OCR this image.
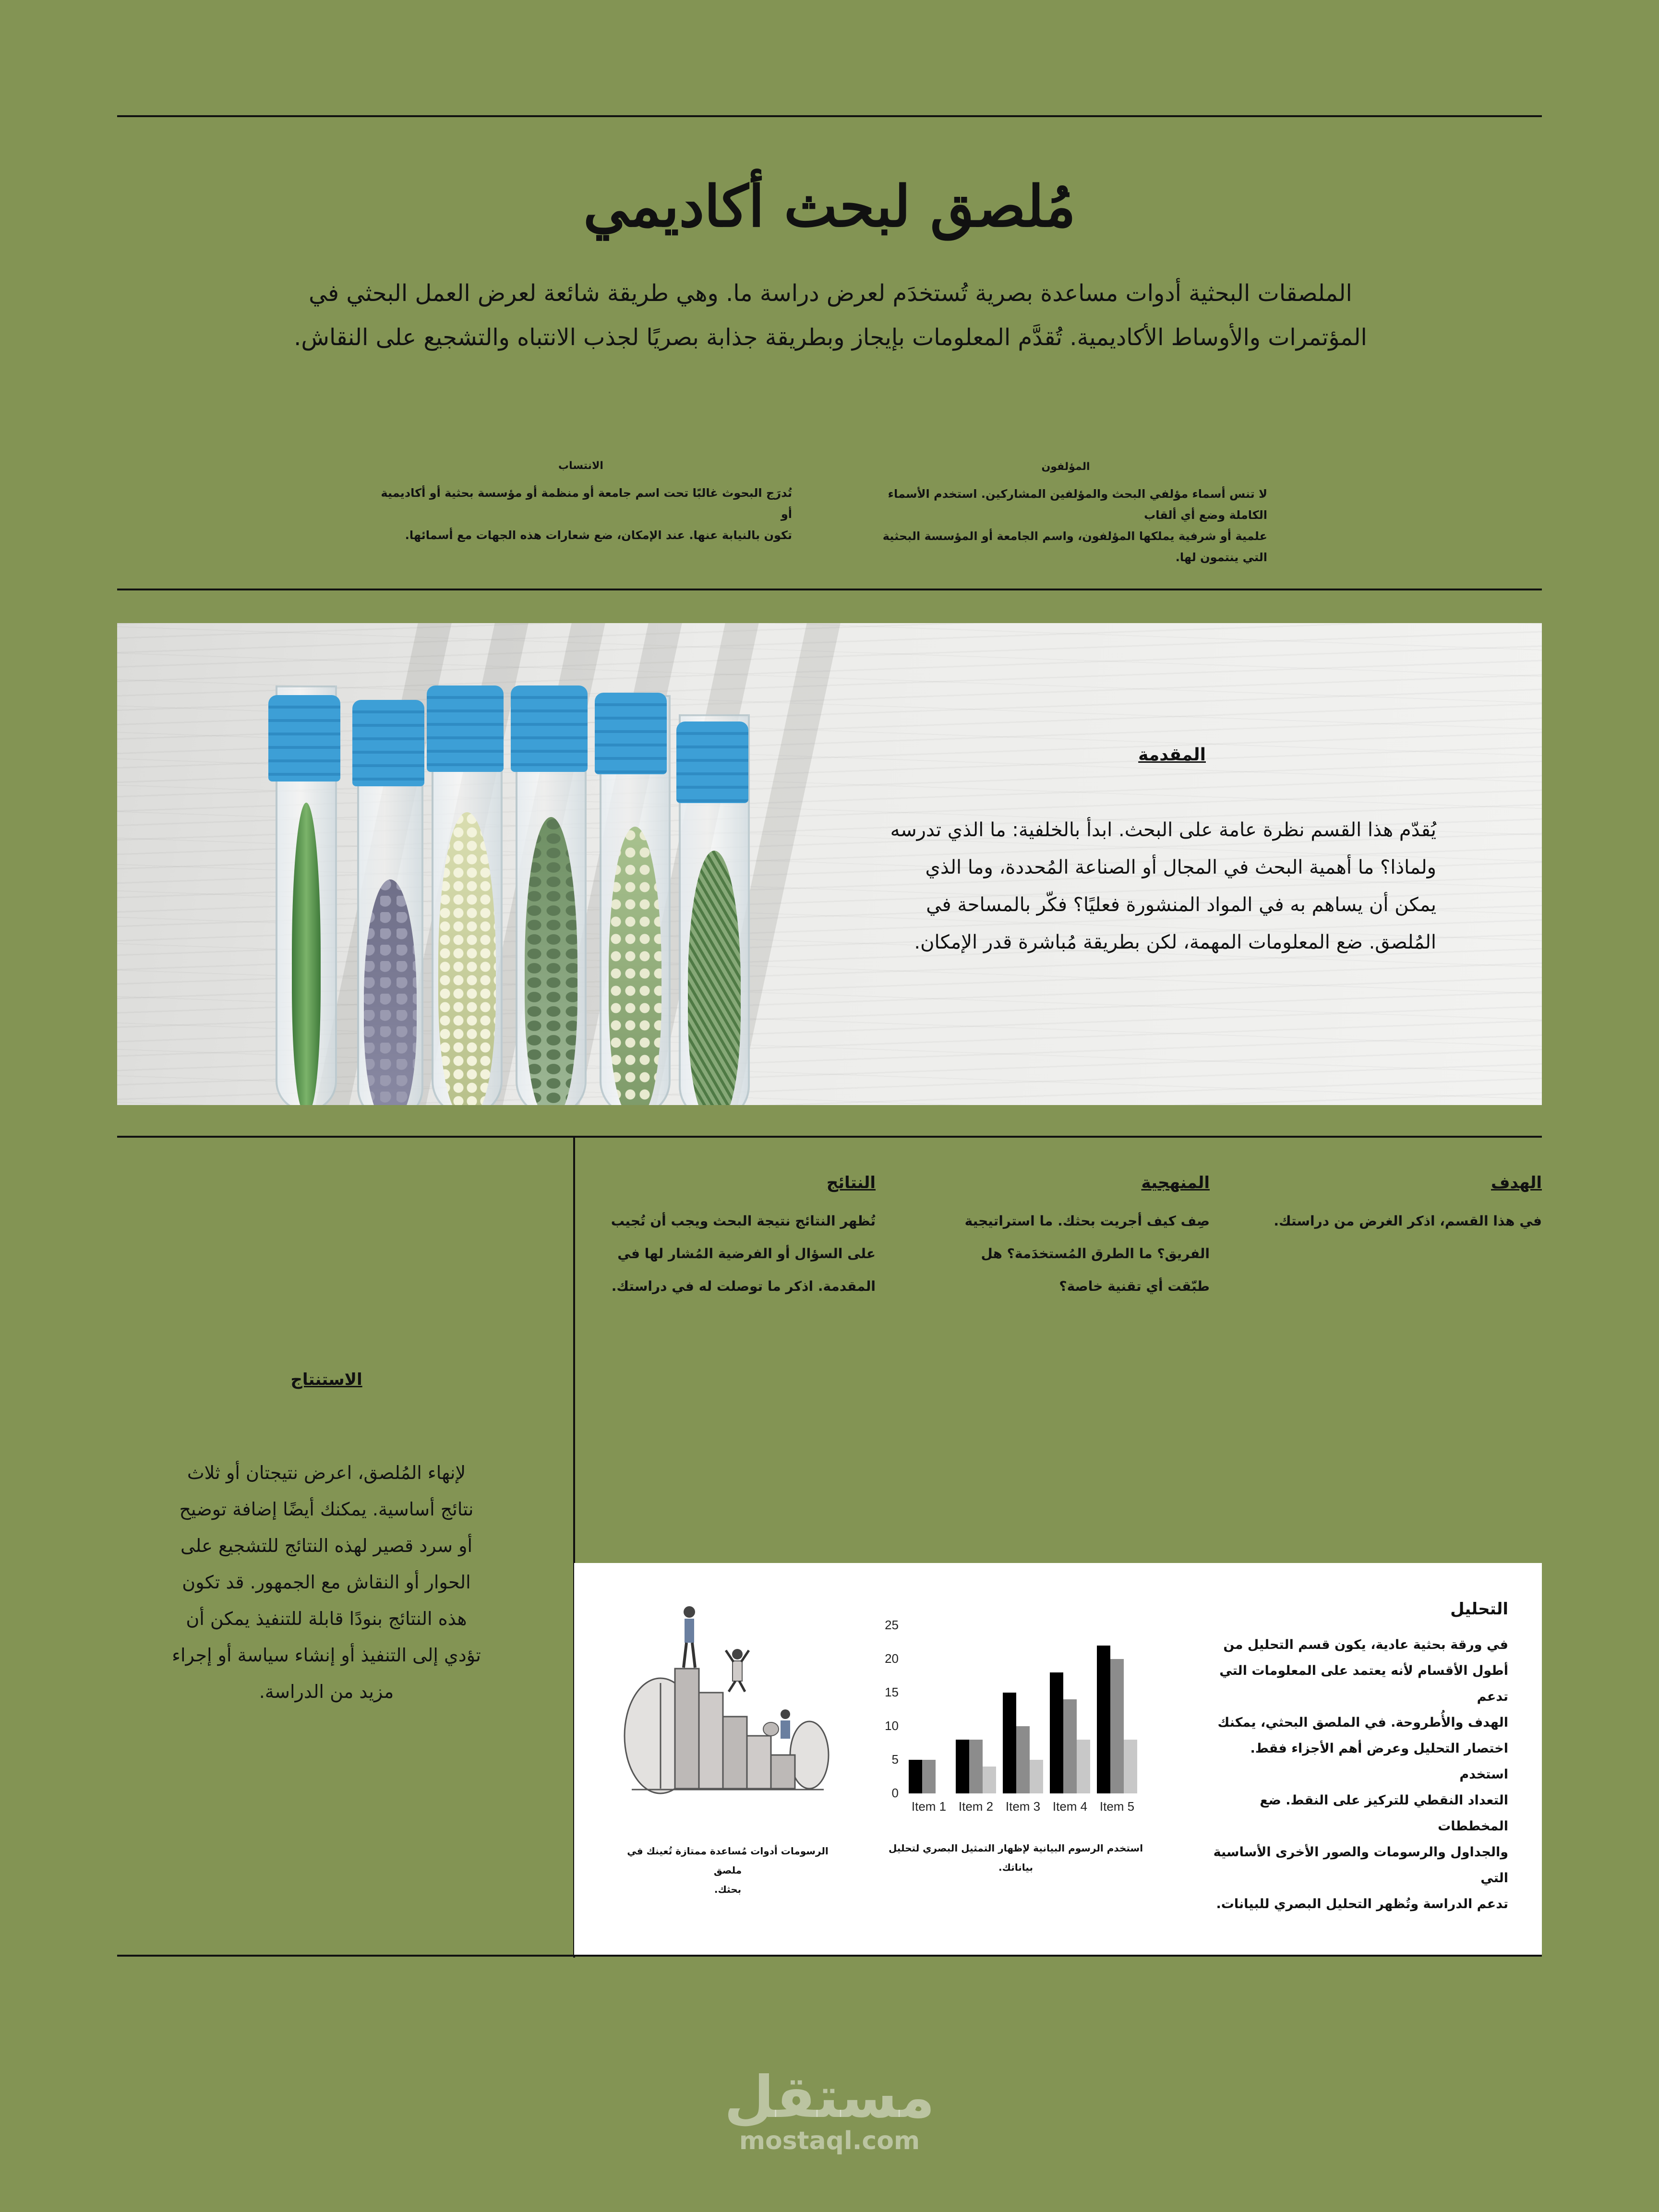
مُلصق لبحث أكاديمي
الملصقات البحثية أدوات مساعدة بصرية تُستخدَم لعرض دراسة ما. وهي طريقة شائعة لعرض العمل البحثي في
المؤتمرات والأوساط الأكاديمية. تُقدَّم المعلومات بإيجاز وبطريقة جذابة بصريًا لجذب الانتباه والتشجيع على النقاش.
المؤلفون
لا تنس أسماء مؤلفي البحث والمؤلفين المشاركين. استخدم الأسماء الكاملة وضع أي ألقاب
علمية أو شرفية يملكها المؤلفون، واسم الجامعة أو المؤسسة البحثية التي ينتمون لها.
الانتساب
تُدرَج البحوث غالبًا تحت اسم جامعة أو منظمة أو مؤسسة بحثية أو أكاديمية أو
تكون بالنيابة عنها. عند الإمكان، ضع شعارات هذه الجهات مع أسمائها.
المقدمة
يُقدّم هذا القسم نظرة عامة على البحث. ابدأ بالخلفية: ما الذي تدرسه
ولماذا؟ ما أهمية البحث في المجال أو الصناعة المُحددة، وما الذي
يمكن أن يساهم به في المواد المنشورة فعليًا؟ فكّر بالمساحة في
المُلصق. ضع المعلومات المهمة، لكن بطريقة مُباشرة قدر الإمكان.
الهدف
في هذا القسم، اذكر الغرض من دراستك.
المنهجية
صِف كيف أجريت بحثك. ما استراتيجية
الفريق؟ ما الطرق المُستخدَمة؟ هل
طبّقت أي تقنية خاصة؟
النتائج
تُظهر النتائج نتيجة البحث ويجب أن تُجيب
على السؤال أو الفرضية المُشار لها في
المقدمة. اذكر ما توصلت له في دراستك.
الاستنتاج
لإنهاء المُلصق، اعرض نتيجتان أو ثلاث
نتائج أساسية. يمكنك أيضًا إضافة توضيح
أو سرد قصير لهذه النتائج للتشجيع على
الحوار أو النقاش مع الجمهور. قد تكون
هذه النتائج بنودًا قابلة للتنفيذ يمكن أن
تؤدي إلى التنفيذ أو إنشاء سياسة أو إجراء
مزيد من الدراسة.
التحليل
في ورقة بحثية عادية، يكون قسم التحليل من
أطول الأقسام لأنه يعتمد على المعلومات التي تدعم
الهدف والأُطروحة. في الملصق البحثي، يمكنك
اختصار التحليل وعرض أهم الأجزاء فقط. استخدم
التعداد النقطي للتركيز على النقط. ضع المخططات
والجداول والرسومات والصور الأخرى الأساسية التي
تدعم الدراسة وتُظهر التحليل البصري للبيانات.
0
5
10
15
20
25
Item 1 Item 2 Item 3 Item 4 Item 5
استخدم الرسوم البيانية لإظهار التمثيل البصري لتحليل
بياناتك.
الرسومات أدوات مُساعدة ممتازة تُعينك في ملصق
بحثك.
مستقل
mostaql.com
